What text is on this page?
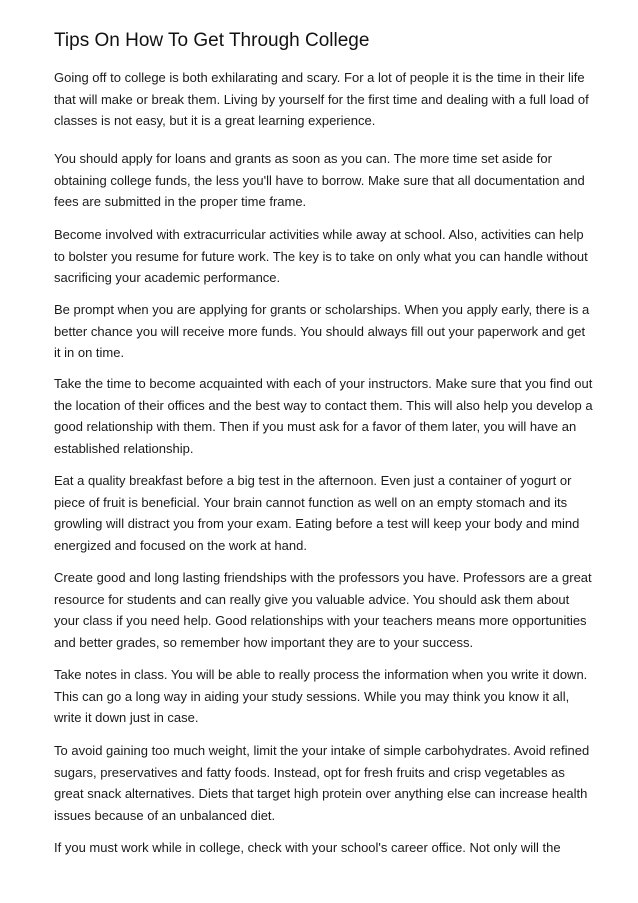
Tips On How To Get Through College

Going off to college is both exhilarating and scary. For a lot of people it is the time in their life that will make or break them. Living by yourself for the first time and dealing with a full load of classes is not easy, but it is a great learning experience.

You should apply for loans and grants as soon as you can. The more time set aside for obtaining college funds, the less you'll have to borrow. Make sure that all documentation and fees are submitted in the proper time frame.

Become involved with extracurricular activities while away at school. Also, activities can help to bolster you resume for future work. The key is to take on only what you can handle without sacrificing your academic performance.

Be prompt when you are applying for grants or scholarships. When you apply early, there is a better chance you will receive more funds. You should always fill out your paperwork and get it in on time.

Take the time to become acquainted with each of your instructors. Make sure that you find out the location of their offices and the best way to contact them. This will also help you develop a good relationship with them. Then if you must ask for a favor of them later, you will have an established relationship.

Eat a quality breakfast before a big test in the afternoon. Even just a container of yogurt or piece of fruit is beneficial. Your brain cannot function as well on an empty stomach and its growling will distract you from your exam. Eating before a test will keep your body and mind energized and focused on the work at hand.

Create good and long lasting friendships with the professors you have. Professors are a great resource for students and can really give you valuable advice. You should ask them about your class if you need help. Good relationships with your teachers means more opportunities and better grades, so remember how important they are to your success.

Take notes in class. You will be able to really process the information when you write it down. This can go a long way in aiding your study sessions. While you may think you know it all, write it down just in case.

To avoid gaining too much weight, limit the your intake of simple carbohydrates. Avoid refined sugars, preservatives and fatty foods. Instead, opt for fresh fruits and crisp vegetables as great snack alternatives. Diets that target high protein over anything else can increase health issues because of an unbalanced diet.

If you must work while in college, check with your school's career office. Not only will the
